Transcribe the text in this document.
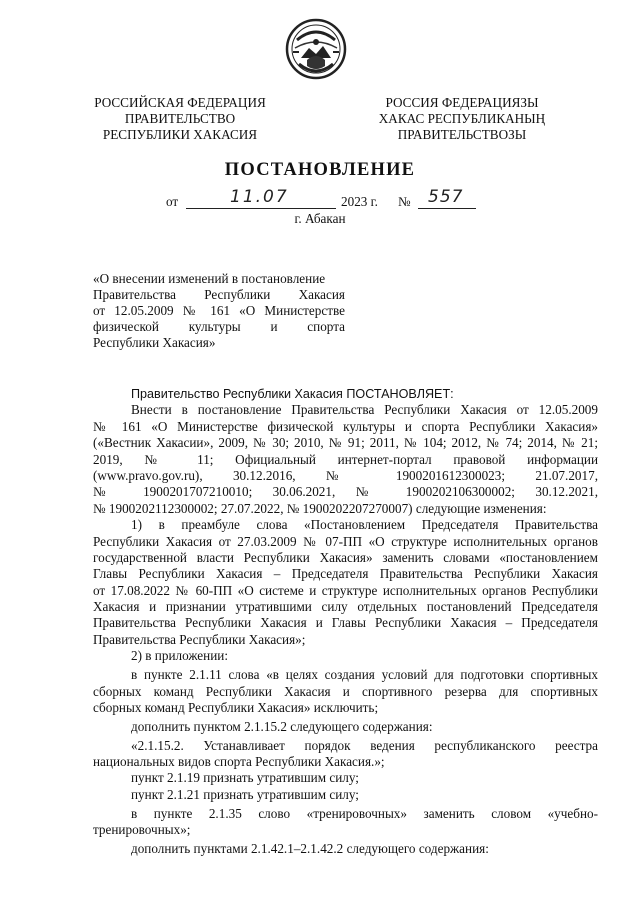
РОССИЙСКАЯ ФЕДЕРАЦИЯ
ПРАВИТЕЛЬСТВО
РЕСПУБЛИКИ ХАКАСИЯ
РОССИЯ ФЕДЕРАЦИЯЗЫ
ХАКАС РЕСПУБЛИКАНЫҢ
ПРАВИТЕЛЬСТВОЗЫ
ПОСТАНОВЛЕНИЕ
от	11.07	2023 г. № 557
г. Абакан
«О внесении изменений в постановление
Правительства Республики Хакасия
от 12.05.2009 № 161 «О Министерстве
физической культуры и спорта
Республики Хакасия»
Правительство Республики Хакасия ПОСТАНОВЛЯЕТ:
Внести в постановление Правительства Республики Хакасия от 12.05.2009
№ 161 «О Министерстве физической культуры и спорта Республики Хакасия»
(«Вестник Хакасии», 2009, № 30; 2010, № 91; 2011, № 104; 2012, № 74; 2014, № 21;
2019, № 11; Официальный интернет-портал правовой информации
(www.pravo.gov.ru), 30.12.2016, № 1900201612300023; 21.07.2017,
№ 1900201707210010; 30.06.2021, № 1900202106300002; 30.12.2021,
№ 1900202112300002; 27.07.2022, № 1900202207270007) следующие изменения:
1) в преамбуле слова «Постановлением Председателя Правительства
Республики Хакасия от 27.03.2009 № 07-ПП «О структуре исполнительных органов
государственной власти Республики Хакасия» заменить словами «постановлением
Главы Республики Хакасия – Председателя Правительства Республики Хакасия
от 17.08.2022 № 60-ПП «О системе и структуре исполнительных органов Республики
Хакасия и признании утратившими силу отдельных постановлений Председателя
Правительства Республики Хакасия и Главы Республики Хакасия – Председателя
Правительства Республики Хакасия»;
2) в приложении:
в пункте 2.1.11 слова «в целях создания условий для подготовки спортивных
сборных команд Республики Хакасия и спортивного резерва для спортивных
сборных команд Республики Хакасия» исключить;
дополнить пунктом 2.1.15.2 следующего содержания:
«2.1.15.2. Устанавливает порядок ведения республиканского реестра
национальных видов спорта Республики Хакасия.»;
пункт 2.1.19 признать утратившим силу;
пункт 2.1.21 признать утратившим силу;
в пункте 2.1.35 слово «тренировочных» заменить словом «учебно-
тренировочных»;
дополнить пунктами 2.1.42.1–2.1.42.2 следующего содержания:
